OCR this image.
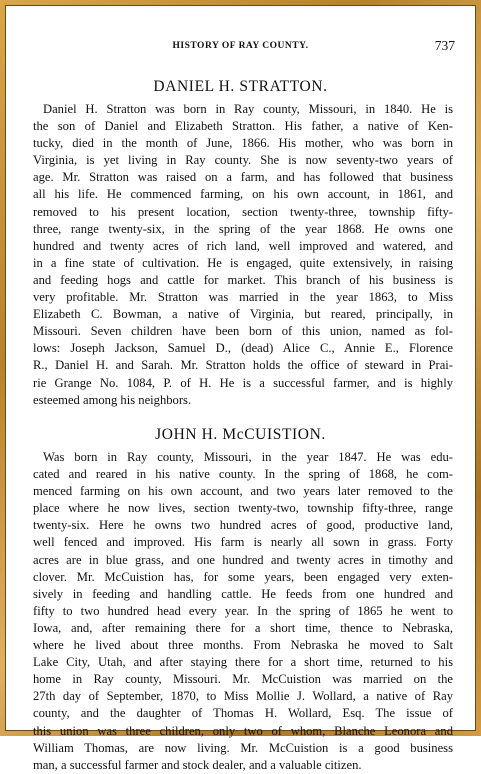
HISTORY OF RAY COUNTY.	737
DANIEL H. STRATTON.
Daniel H. Stratton was born in Ray county, Missouri, in 1840. He is
the son of Daniel and Elizabeth Stratton. His father, a native of Ken-
tucky, died in the month of June, 1866. His mother, who was born in
Virginia, is yet living in Ray county. She is now seventy-two years of
age. Mr. Stratton was raised on a farm, and has followed that business
all his life. He commenced farming, on his own account, in 1861, and
removed to his present location, section twenty-three, township fifty-
three, range twenty-six, in the spring of the year 1868. He owns one
hundred and twenty acres of rich land, well improved and watered, and
in a fine state of cultivation. He is engaged, quite extensively, in raising
and feeding hogs and cattle for market. This branch of his business is
very profitable. Mr. Stratton was married in the year 1863, to Miss
Elizabeth C. Bowman, a native of Virginia, but reared, principally, in
Missouri. Seven children have been born of this union, named as fol-
lows: Joseph Jackson, Samuel D., (dead) Alice C., Annie E., Florence
R., Daniel H. and Sarah. Mr. Stratton holds the office of steward in Prai-
rie Grange No. 1084, P. of H. He is a successful farmer, and is highly
esteemed among his neighbors.
JOHN H. McCUISTION.
Was born in Ray county, Missouri, in the year 1847. He was edu-
cated and reared in his native county. In the spring of 1868, he com-
menced farming on his own account, and two years later removed to the
place where he now lives, section twenty-two, township fifty-three, range
twenty-six. Here he owns two hundred acres of good, productive land,
well fenced and improved. His farm is nearly all sown in grass. Forty
acres are in blue grass, and one hundred and twenty acres in timothy and
clover. Mr. McCuistion has, for some years, been engaged very exten-
sively in feeding and handling cattle. He feeds from one hundred and
fifty to two hundred head every year. In the spring of 1865 he went to
Iowa, and, after remaining there for a short time, thence to Nebraska,
where he lived about three months. From Nebraska he moved to Salt
Lake City, Utah, and after staying there for a short time, returned to his
home in Ray county, Missouri. Mr. McCuistion was married on the
27th day of September, 1870, to Miss Mollie J. Wollard, a native of Ray
county, and the daughter of Thomas H. Wollard, Esq. The issue of
this union was three children, only two of whom, Blanche Leonora and
William Thomas, are now living. Mr. McCuistion is a good business
man, a successful farmer and stock dealer, and a valuable citizen.
